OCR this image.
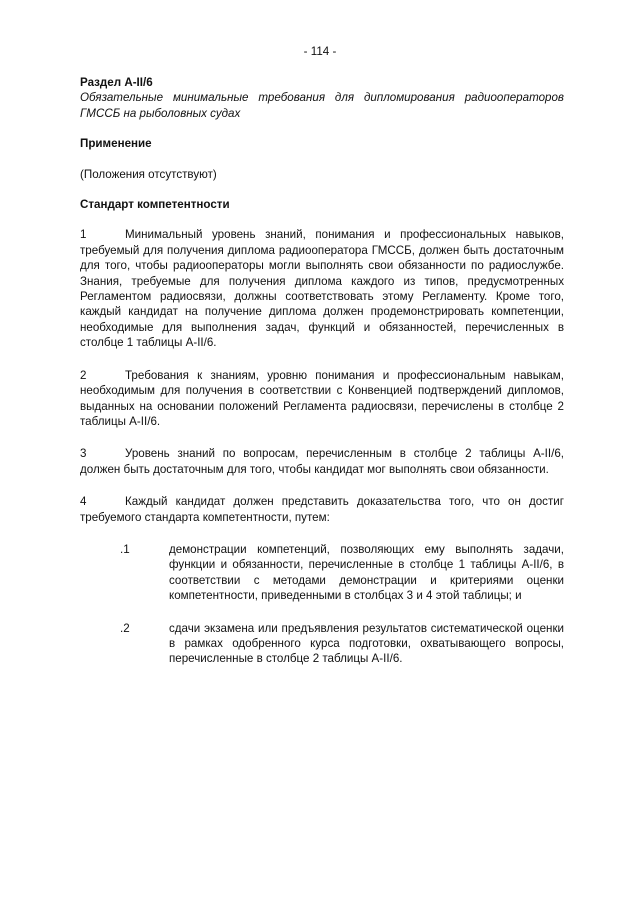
- 114 -

Раздел A-II/6

Обязательные минимальные требования для дипломирования радиооператоров ГМССБ на рыболовных судах

Применение

(Положения отсутствуют)

Стандарт компетентности

1	Минимальный уровень знаний, понимания и профессиональных навыков, требуемый для получения диплома радиооператора ГМССБ, должен быть достаточным для того, чтобы радиооператоры могли выполнять свои обязанности по радиослужбе. Знания, требуемые для получения диплома каждого из типов, предусмотренных Регламентом радиосвязи, должны соответствовать этому Регламенту. Кроме того, каждый кандидат на получение диплома должен продемонстрировать компетенции, необходимые для выполнения задач, функций и обязанностей, перечисленных в столбце 1 таблицы A-II/6.

2	Требования к знаниям, уровню понимания и профессиональным навыкам, необходимым для получения в соответствии с Конвенцией подтверждений дипломов, выданных на основании положений Регламента радиосвязи, перечислены в столбце 2 таблицы A-II/6.

3	Уровень знаний по вопросам, перечисленным в столбце 2 таблицы A-II/6, должен быть достаточным для того, чтобы кандидат мог выполнять свои обязанности.

4	Каждый кандидат должен представить доказательства того, что он достиг требуемого стандарта компетентности, путем:

.1	демонстрации компетенций, позволяющих ему выполнять задачи, функции и обязанности, перечисленные в столбце 1 таблицы A-II/6, в соответствии с методами демонстрации и критериями оценки компетентности, приведенными в столбцах 3 и 4 этой таблицы; и
.2	сдачи экзамена или предъявления результатов систематической оценки в рамках одобренного курса подготовки, охватывающего вопросы, перечисленные в столбце 2 таблицы A-II/6.
